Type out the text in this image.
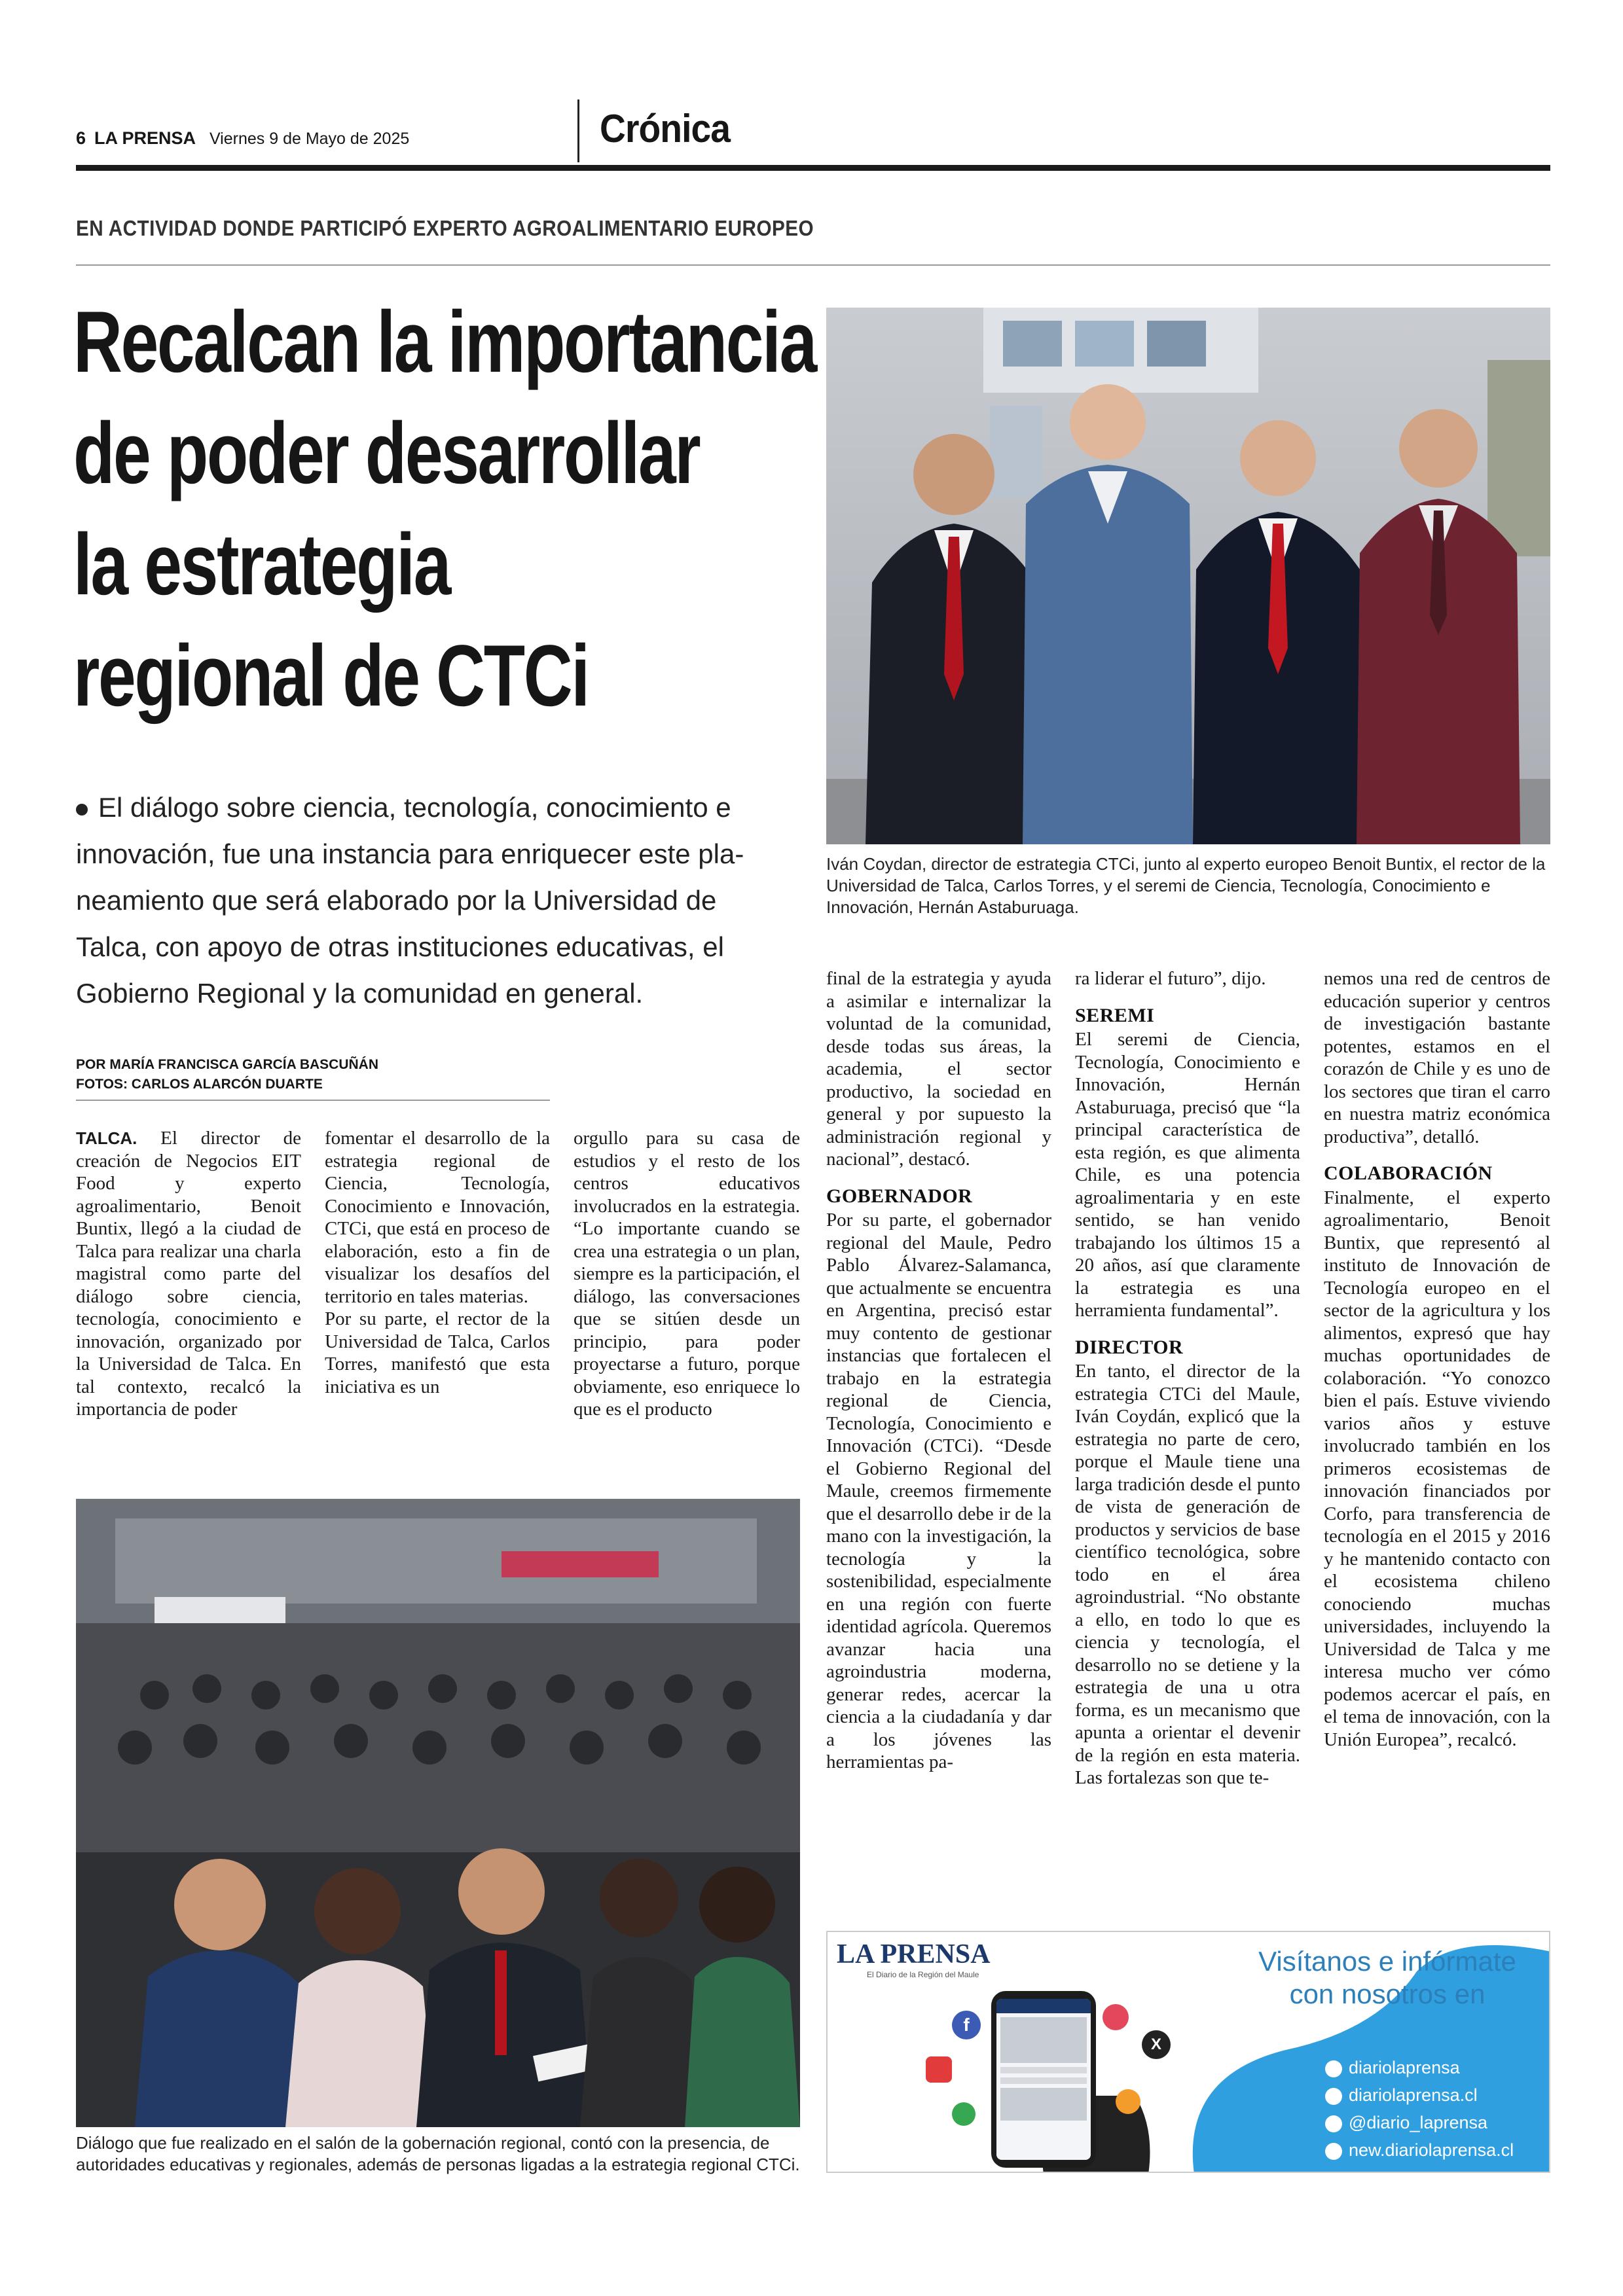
6 LA PRENSA Viernes 9 de Mayo de 2025	Crónica
EN ACTIVIDAD DONDE PARTICIPÓ EXPERTO AGROALIMENTARIO EUROPEO
Recalcan la importancia
de poder desarrollar
la estrategia
regional de CTCi

El diálogo sobre ciencia, tecnología, conocimiento e

innovación, fue una instancia para enriquecer este pla-

neamiento que será elaborado por la Universidad de

Talca, con apoyo de otras instituciones educativas, el

Gobierno Regional y la comunidad en general.

POR MARÍA FRANCISCA GARCÍA BASCUÑÁN
FOTOS: CARLOS ALARCÓN DUARTE
Iván Coydan, director de estrategia CTCi, junto al experto europeo Benoit Buntix, el rector de la Universidad de Talca, Carlos Torres, y el seremi de Ciencia, Tecnología, Conocimiento e Innovación, Hernán Astaburuaga.

TALCA. El director de creación de Negocios EIT Food y experto agroalimentario, Benoit Buntix, llegó a la ciudad de Talca para realizar una charla magistral como parte del diálogo sobre ciencia, tecnología, conocimiento e innovación, organizado por la Universidad de Talca. En tal contexto, recalcó la importancia de poder

fomentar el desarrollo de la estrategia regional de Ciencia, Tecnología, Conocimiento e Innovación, CTCi, que está en proceso de elaboración, esto a fin de visualizar los desafíos del territorio en tales materias.

Por su parte, el rector de la Universidad de Talca, Carlos Torres, manifestó que esta iniciativa es un

orgullo para su casa de estudios y el resto de los centros educativos involucrados en la estrategia. “Lo importante cuando se crea una estrategia o un plan, siempre es la participación, el diálogo, las conversaciones que se sitúen desde un principio, para poder proyectarse a futuro, porque obviamente, eso enriquece lo que es el producto

Diálogo que fue realizado en el salón de la gobernación regional, contó con la presencia, de autoridades educativas y regionales, además de personas ligadas a la estrategia regional CTCi.

final de la estrategia y ayuda a asimilar e internalizar la voluntad de la comunidad, desde todas sus áreas, la academia, el sector productivo, la sociedad en general y por supuesto la administración regional y nacional”, destacó.

GOBERNADOR

Por su parte, el gobernador regional del Maule, Pedro Pablo Álvarez-Salamanca, que actualmente se encuentra en Argentina, precisó estar muy contento de gestionar instancias que fortalecen el trabajo en la estrategia regional de Ciencia, Tecnología, Conocimiento e Innovación (CTCi). “Desde el Gobierno Regional del Maule, creemos firmemente que el desarrollo debe ir de la mano con la investigación, la tecnología y la sostenibilidad, especialmente en una región con fuerte identidad agrícola. Queremos avanzar hacia una agroindustria moderna, generar redes, acercar la ciencia a la ciudadanía y dar a los jóvenes las herramientas pa-

ra liderar el futuro”, dijo.

SEREMI

El seremi de Ciencia, Tecnología, Conocimiento e Innovación, Hernán Astaburuaga, precisó que “la principal característica de esta región, es que alimenta Chile, es una potencia agroalimentaria y en este sentido, se han venido trabajando los últimos 15 a 20 años, así que claramente la estrategia es una herramienta fundamental”.

DIRECTOR

En tanto, el director de la estrategia CTCi del Maule, Iván Coydán, explicó que la estrategia no parte de cero, porque el Maule tiene una larga tradición desde el punto de vista de generación de productos y servicios de base científico tecnológica, sobre todo en el área agroindustrial. “No obstante a ello, en todo lo que es ciencia y tecnología, el desarrollo no se detiene y la estrategia de una u otra forma, es un mecanismo que apunta a orientar el devenir de la región en esta materia. Las fortalezas son que te-

nemos una red de centros de educación superior y centros de investigación bastante potentes, estamos en el corazón de Chile y es uno de los sectores que tiran el carro en nuestra matriz económica productiva”, detalló.

COLABORACIÓN

Finalmente, el experto agroalimentario, Benoit Buntix, que representó al instituto de Innovación de Tecnología europeo en el sector de la agricultura y los alimentos, expresó que hay muchas oportunidades de colaboración. “Yo conozco bien el país. Estuve viviendo varios años y estuve involucrado también en los primeros ecosistemas de innovación financiados por Corfo, para transferencia de tecnología en el 2015 y 2016 y he mantenido contacto con el ecosistema chileno conociendo muchas universidades, incluyendo la Universidad de Talca y me interesa mucho ver cómo podemos acercar el país, en el tema de innovación, con la Unión Europea”, recalcó.

LA PRENSA
El Diario de la Región del Maule	Visítanos e infórmate
con nosotros en
f
X
diariolaprensa
diariolaprensa.cl
@diario_laprensa
new.diariolaprensa.cl
